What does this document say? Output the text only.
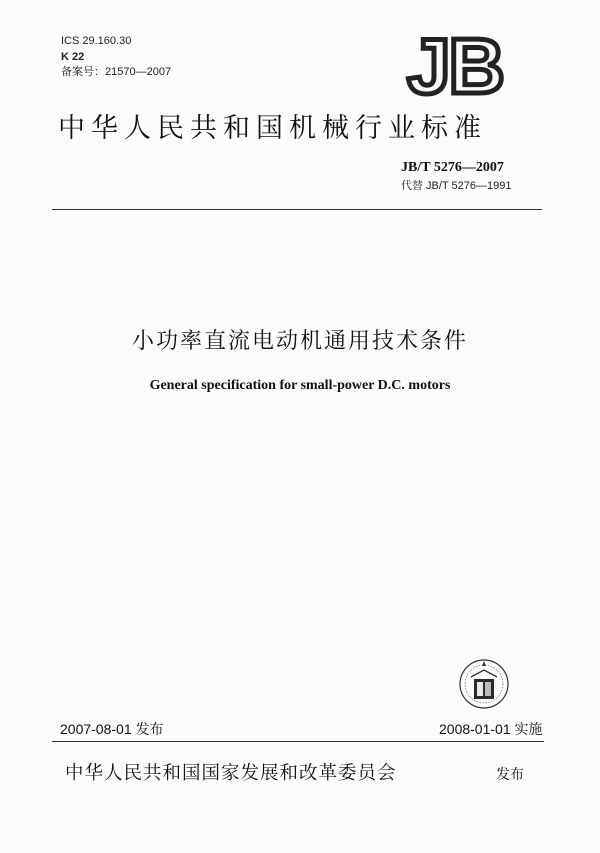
ICS 29.160.30
K 22
备案号：21570—2007	JB
中华人民共和国机械行业标准
JB/T 5276—2007
代替 JB/T 5276—1991
小功率直流电动机通用技术条件
General specification for small-power D.C. motors
2007-08-01 发布	2008-01-01 实施
中华人民共和国国家发展和改革委员会	发布
